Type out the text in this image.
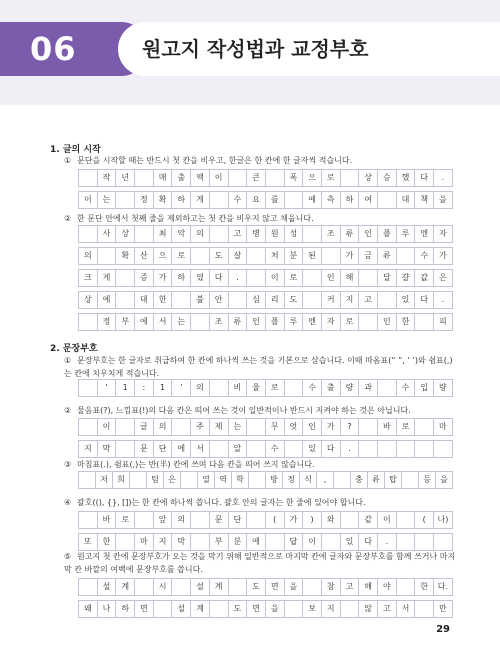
06	원고지 작성법과 교정부호
1. 글의 시작
① 문단을 시작할 때는 반드시 첫 칸을 비우고, 한글은 한 칸에 한 글자씩 적습니다.
작	년	매	출	액	이	큰	폭	으	로	상	승	했	다	.
이	는	정	확	하	게	수	요	를	예	측	하	여	대	책	을
② 한 문단 안에서 첫째 줄을 제외하고는 첫 칸을 비우지 않고 채웁니다.
사	상	최	악	의	고	병	원	성	조	류	인	플	루	엔	자
의	확	산	으	로	도	살	처	분	된	가	금	류	수	가
크	게	증	가	하	였	다	.	이	로	인	해	달	걀	값	은
상	에	대	한	불	안	심	리	도	커	지	고	있	다	.
정	부	에	서	는	조	류	인	플	루	엔	자	로	인	한	피
2. 문장부호
① 문장부호는 한 글자로 취급하여 한 칸에 하나씩 쓰는 것을 기본으로 삼습니다. 이때 따옴표(“ ”, ‘ ’)와 쉼표(,)는 칸에 치우치게 적습니다.
‘	1	:	1	’	의	비	율	로	수	출	량	과	수	입	량
② 물음표(?), 느낌표(!)의 다음 칸은 띄어 쓰는 것이 일반적이나 반드시 지켜야 하는 것은 아닙니다.
이	글	의	주	제	는	무	엇	인	가	?	바	로	마
지	막	문	단	에	서	알	수	있	다	.
③ 마침표(.), 쉼표(,)는 반(半) 칸에 쓰며 다음 칸을 띄어 쓰지 않습니다.
저	희	팀	은	열	역	학	방	정	식	,	충	류	탑	등	을
④ 괄호((), {}, [])는 한 칸에 하나씩 씁니다. 괄호 안의 글자는 한 줄에 있어야 합니다.
바	로	앞	의	문	단	(	가	)	와	같	이	(	나)
또	한	마	지	막	부	분	에	답	이	있	다	.
⑤ 원고지 첫 칸에 문장부호가 오는 것을 막기 위해 일반적으로 마지막 칸에 글자와 문장부호를 함께 쓰거나 마지막 칸 바깥의 여백에 문장부호를 씁니다.
설	계	시	설	계	도	면	을	참	고	해	야	한	다.
왜	나	하	면	설	계	도	면	을	보	지	않	고	서	만
29
